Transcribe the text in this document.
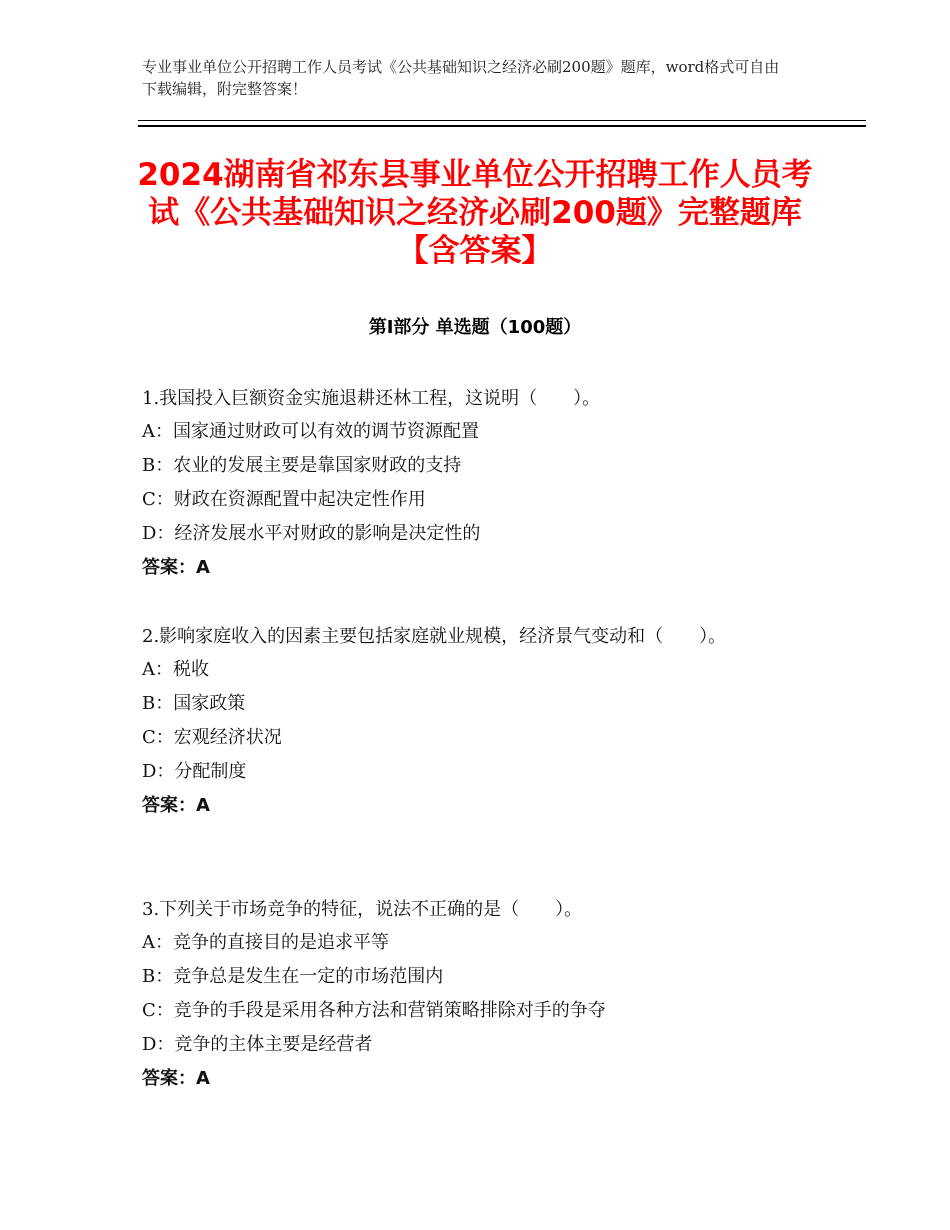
专业事业单位公开招聘工作人员考试《公共基础知识之经济必刷200题》题库，word格式可自由下载编辑，附完整答案！
2024湖南省祁东县事业单位公开招聘工作人员考试《公共基础知识之经济必刷200题》完整题库【含答案】
第Ⅰ部分 单选题（100题）

1.我国投入巨额资金实施退耕还林工程，这说明（　　）。

A：国家通过财政可以有效的调节资源配置

B：农业的发展主要是靠国家财政的支持

C：财政在资源配置中起决定性作用

D：经济发展水平对财政的影响是决定性的

答案：A

2.影响家庭收入的因素主要包括家庭就业规模，经济景气变动和（　　）。

A：税收

B：国家政策

C：宏观经济状况

D：分配制度

答案：A

3.下列关于市场竞争的特征，说法不正确的是（　　）。

A：竞争的直接目的是追求平等

B：竞争总是发生在一定的市场范围内

C：竞争的手段是采用各种方法和营销策略排除对手的争夺

D：竞争的主体主要是经营者

答案：A
